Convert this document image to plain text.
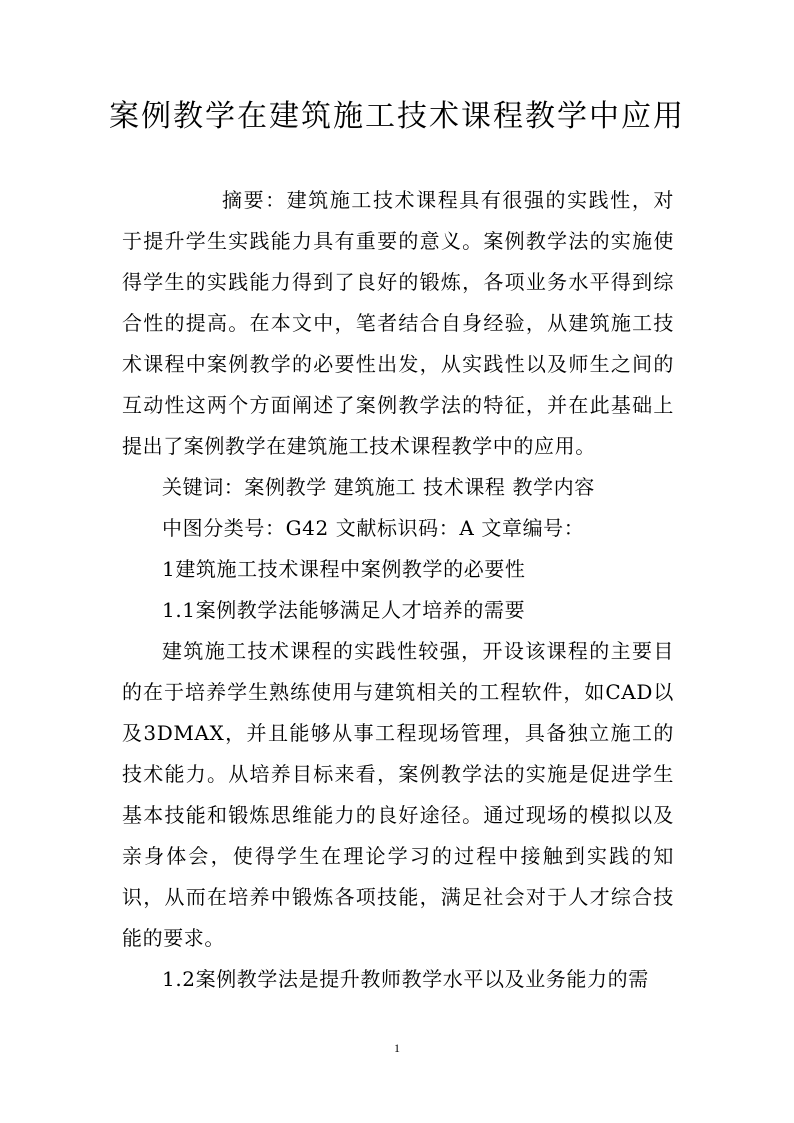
案例教学在建筑施工技术课程教学中应用

摘要：建筑施工技术课程具有很强的实践性，对于提升学生实践能力具有重要的意义。案例教学法的实施使得学生的实践能力得到了良好的锻炼，各项业务水平得到综合性的提高。在本文中，笔者结合自身经验，从建筑施工技术课程中案例教学的必要性出发，从实践性以及师生之间的互动性这两个方面阐述了案例教学法的特征，并在此基础上提出了案例教学在建筑施工技术课程教学中的应用。

关键词：案例教学 建筑施工 技术课程 教学内容

中图分类号：G42 文献标识码：A 文章编号：

1建筑施工技术课程中案例教学的必要性

1.1案例教学法能够满足人才培养的需要

建筑施工技术课程的实践性较强，开设该课程的主要目的在于培养学生熟练使用与建筑相关的工程软件，如CAD以及3DMAX，并且能够从事工程现场管理，具备独立施工的技术能力。从培养目标来看，案例教学法的实施是促进学生基本技能和锻炼思维能力的良好途径。通过现场的模拟以及亲身体会，使得学生在理论学习的过程中接触到实践的知识，从而在培养中锻炼各项技能，满足社会对于人才综合技能的要求。

1.2案例教学法是提升教师教学水平以及业务能力的需

1
